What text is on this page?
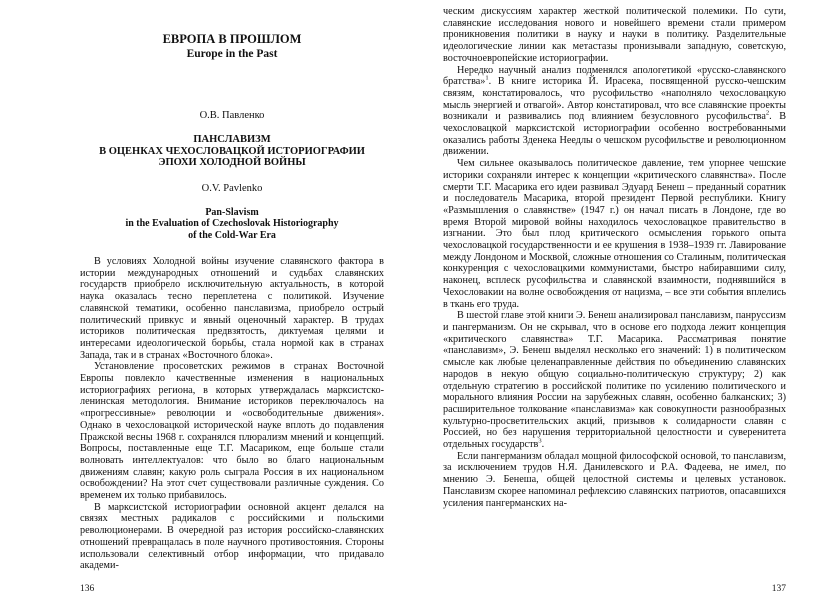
ЕВРОПА В ПРОШЛОМ
Europe in the Past
О.В. Павленко
ПАНСЛАВИЗМ
В ОЦЕНКАХ ЧЕХОСЛОВАЦКОЙ ИСТОРИОГРАФИИ
ЭПОХИ ХОЛОДНОЙ ВОЙНЫ
O.V. Pavlenko
Pan-Slavism
in the Evaluation of Czechoslovak Historiography
of the Cold-War Era

В условиях Холодной войны изучение славянского фактора в истории международных отношений и судьбах славянских государств приобрело исключительную актуальность, в которой наука оказалась тесно переплетена с политикой. Изучение славянской тематики, особенно панславизма, приобрело острый политический привкус и явный оценочный характер. В трудах историков политическая предвзятость, диктуемая целями и интересами идеологической борьбы, стала нормой как в странах Запада, так и в странах «Восточного блока».

Установление просоветских режимов в странах Восточной Европы повлекло качественные изменения в национальных историографиях региона, в которых утверждалась марксистско-ленинская методология. Внимание историков переключалось на «прогрессивные» революции и «освободительные движения». Однако в чехословацкой исторической науке вплоть до подавления Пражской весны 1968 г. сохранялся плюрализм мнений и концепций. Вопросы, поставленные еще Т.Г. Масариком, еще больше стали волновать интеллектуалов: что было во благо национальным движениям славян; какую роль сыграла Россия в их национальном освобождении? На этот счет существовали различные суждения. Со временем их только прибавилось.

В марксистской историографии основной акцент делался на связях местных радикалов с российскими и польскими революционерами. В очередной раз история российско-славянских отношений превращалась в поле научного противостояния. Стороны использовали селективный отбор информации, что придавало академи-

136

ческим дискуссиям характер жесткой политической полемики. По сути, славянские исследования нового и новейшего времени стали примером проникновения политики в науку и науки в политику. Разделительные идеологические линии как метастазы пронизывали западную, советскую, восточноевропейские историографии.

Нередко научный анализ подменялся апологетикой «русско-славянского братства»$^1$. В книге историка Й. Ирасека, посвященной русско-чешским связям, констатировалось, что русофильство «наполняло чехословацкую мысль энергией и отвагой». Автор констатировал, что все славянские проекты возникали и развивались под влиянием безусловного русофильства$^2$. В чехословацкой марксистской историографии особенно востребованными оказались работы Зденека Неедлы о чешском русофильстве и революционном движении.

Чем сильнее оказывалось политическое давление, тем упорнее чешские историки сохраняли интерес к концепции «критического славянства». После смерти Т.Г. Масарика его идеи развивал Эдуард Бенеш – преданный соратник и последователь Масарика, второй президент Первой республики. Книгу «Размышления о славянстве» (1947 г.) он начал писать в Лондоне, где во время Второй мировой войны находилось чехословацкое правительство в изгнании. Это был плод критического осмысления горького опыта чехословацкой государственности и ее крушения в 1938–1939 гг. Лавирование между Лондоном и Москвой, сложные отношения со Сталиным, политическая конкуренция с чехословацкими коммунистами, быстро набиравшими силу, наконец, всплеск русофильства и славянской взаимности, поднявшийся в Чехословакии на волне освобождения от нацизма, – все эти события вплелись в ткань его труда.

В шестой главе этой книги Э. Бенеш анализировал панславизм, панруссизм и пангерманизм. Он не скрывал, что в основе его подхода лежит концепция «критического славянства» Т.Г. Масарика. Рассматривая понятие «панславизм», Э. Бенеш выделял несколько его значений: 1) в политическом смысле как любые целенаправленные действия по объединению славянских народов в некую общую социально-политическую структуру; 2) как отдельную стратегию в российской политике по усилению политического и морального влияния России на зарубежных славян, особенно балканских; 3) расширительное толкование «панславизма» как совокупности разнообразных культурно-просветительских акций, призывов к солидарности славян с Россией, но без нарушения территориальной целостности и суверенитета отдельных государств$^3$.

Если пангерманизм обладал мощной философской основой, то панславизм, за исключением трудов Н.Я. Данилевского и Р.А. Фадеева, не имел, по мнению Э. Бенеша, общей целостной системы и целевых установок. Панславизм скорее напоминал рефлексию славянских патриотов, опасавшихся усиления пангерманских на-

137
